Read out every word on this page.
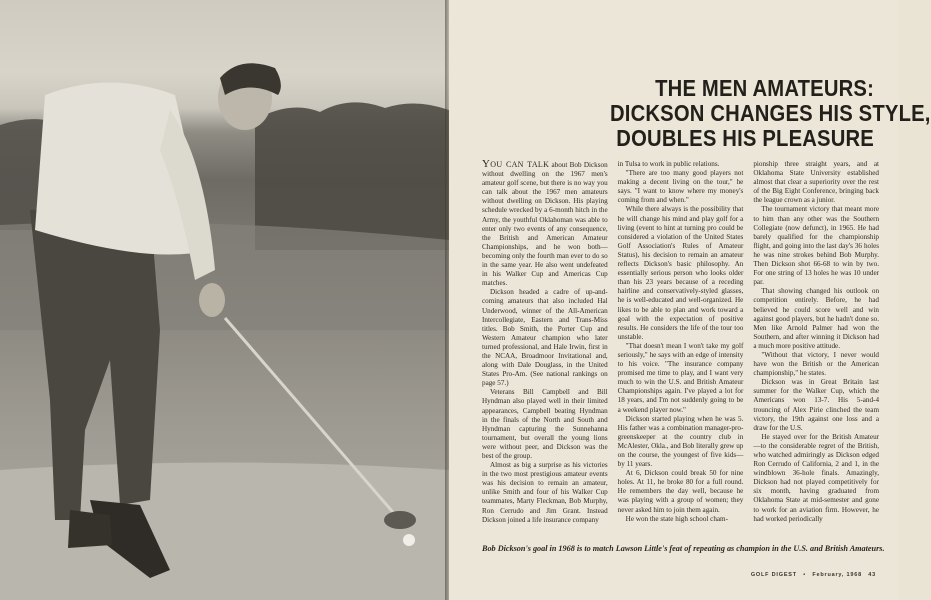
THE MEN AMATEURS:
DICKSON CHANGES HIS STYLE,
DOUBLES HIS PLEASURE

You can talk about Bob Dickson without dwelling on the 1967 men's amateur golf scene, but there is no way you can talk about the 1967 men amateurs without dwelling on Dickson. His playing schedule wrecked by a 6-month hitch in the Army, the youthful Oklahoman was able to enter only two events of any consequence, the British and American Amateur Championships, and he won both—becoming only the fourth man ever to do so in the same year. He also went undefeated in his Walker Cup and Americas Cup matches.

Dickson headed a cadre of up-and-coming amateurs that also included Hal Underwood, winner of the All-American Intercollegiate, Eastern and Trans-Miss titles. Bob Smith, the Porter Cup and Western Amateur champion who later turned professional, and Hale Irwin, first in the NCAA, Broadmoor Invitational and, along with Dale Douglass, in the United States Pro-Am. (See national rankings on page 57.)

Veterans Bill Campbell and Bill Hyndman also played well in their limited appearances, Campbell beating Hyndman in the finals of the North and South and Hyndman capturing the Sunnehanna tournament, but overall the young lions were without peer, and Dickson was the best of the group.

Almost as big a surprise as his victories in the two most prestigious amateur events was his decision to remain an amateur, unlike Smith and four of his Walker Cup teammates, Marty Fleckman, Bob Murphy, Ron Cerrudo and Jim Grant. Instead Dickson joined a life insurance company

in Tulsa to work in public relations.

"There are too many good players not making a decent living on the tour," he says. "I want to know where my money's coming from and when."

While there always is the possibility that he will change his mind and play golf for a living (event to hint at turning pro could be considered a violation of the United States Golf Association's Rules of Amateur Status), his decision to remain an amateur reflects Dickson's basic philosophy. An essentially serious person who looks older than his 23 years because of a receding hairline and conservatively-styled glasses, he is well-educated and well-organized. He likes to be able to plan and work toward a goal with the expectation of positive results. He considers the life of the tour too unstable.

"That doesn't mean I won't take my golf seriously," he says with an edge of intensity to his voice. "The insurance company promised me time to play, and I want very much to win the U.S. and British Amateur Championships again. I've played a lot for 18 years, and I'm not suddenly going to be a weekend player now."

Dickson started playing when he was 5. His father was a combination manager-pro-greenskeeper at the country club in McAlester, Okla., and Bob literally grew up on the course, the youngest of five kids—by 11 years.

At 6, Dickson could break 50 for nine holes. At 11, he broke 80 for a full round. He remembers the day well, because he was playing with a group of women; they never asked him to join them again.

He won the state high school cham-

pionship three straight years, and at Oklahoma State University established almost that clear a superiority over the rest of the Big Eight Conference, bringing back the league crown as a junior.

The tournament victory that meant more to him than any other was the Southern Collegiate (now defunct), in 1965. He had barely qualified for the championship flight, and going into the last day's 36 holes he was nine strokes behind Bob Murphy. Then Dickson shot 66-68 to win by two. For one string of 13 holes he was 10 under par.

That showing changed his outlook on competition entirely. Before, he had believed he could score well and win against good players, but he hadn't done so. Men like Arnold Palmer had won the Southern, and after winning it Dickson had a much more positive attitude.

"Without that victory, I never would have won the British or the American championship," he states.

Dickson was in Great Britain last summer for the Walker Cup, which the Americans won 13-7. His 5-and-4 trouncing of Alex Pirie clinched the team victory, the 19th against one loss and a draw for the U.S.

He stayed over for the British Amateur—to the considerable regret of the British, who watched admiringly as Dickson edged Ron Cerrudo of California, 2 and 1, in the windblown 36-hole finals. Amazingly, Dickson had not played competitively for six month, having graduated from Oklahoma State at mid-semester and gone to work for an aviation firm. However, he had worked periodically

Bob Dickson's goal in 1968 is to match Lawson Little's feat of repeating as champion in the U.S. and British Amateurs.
GOLF DIGEST • February, 1968 43
